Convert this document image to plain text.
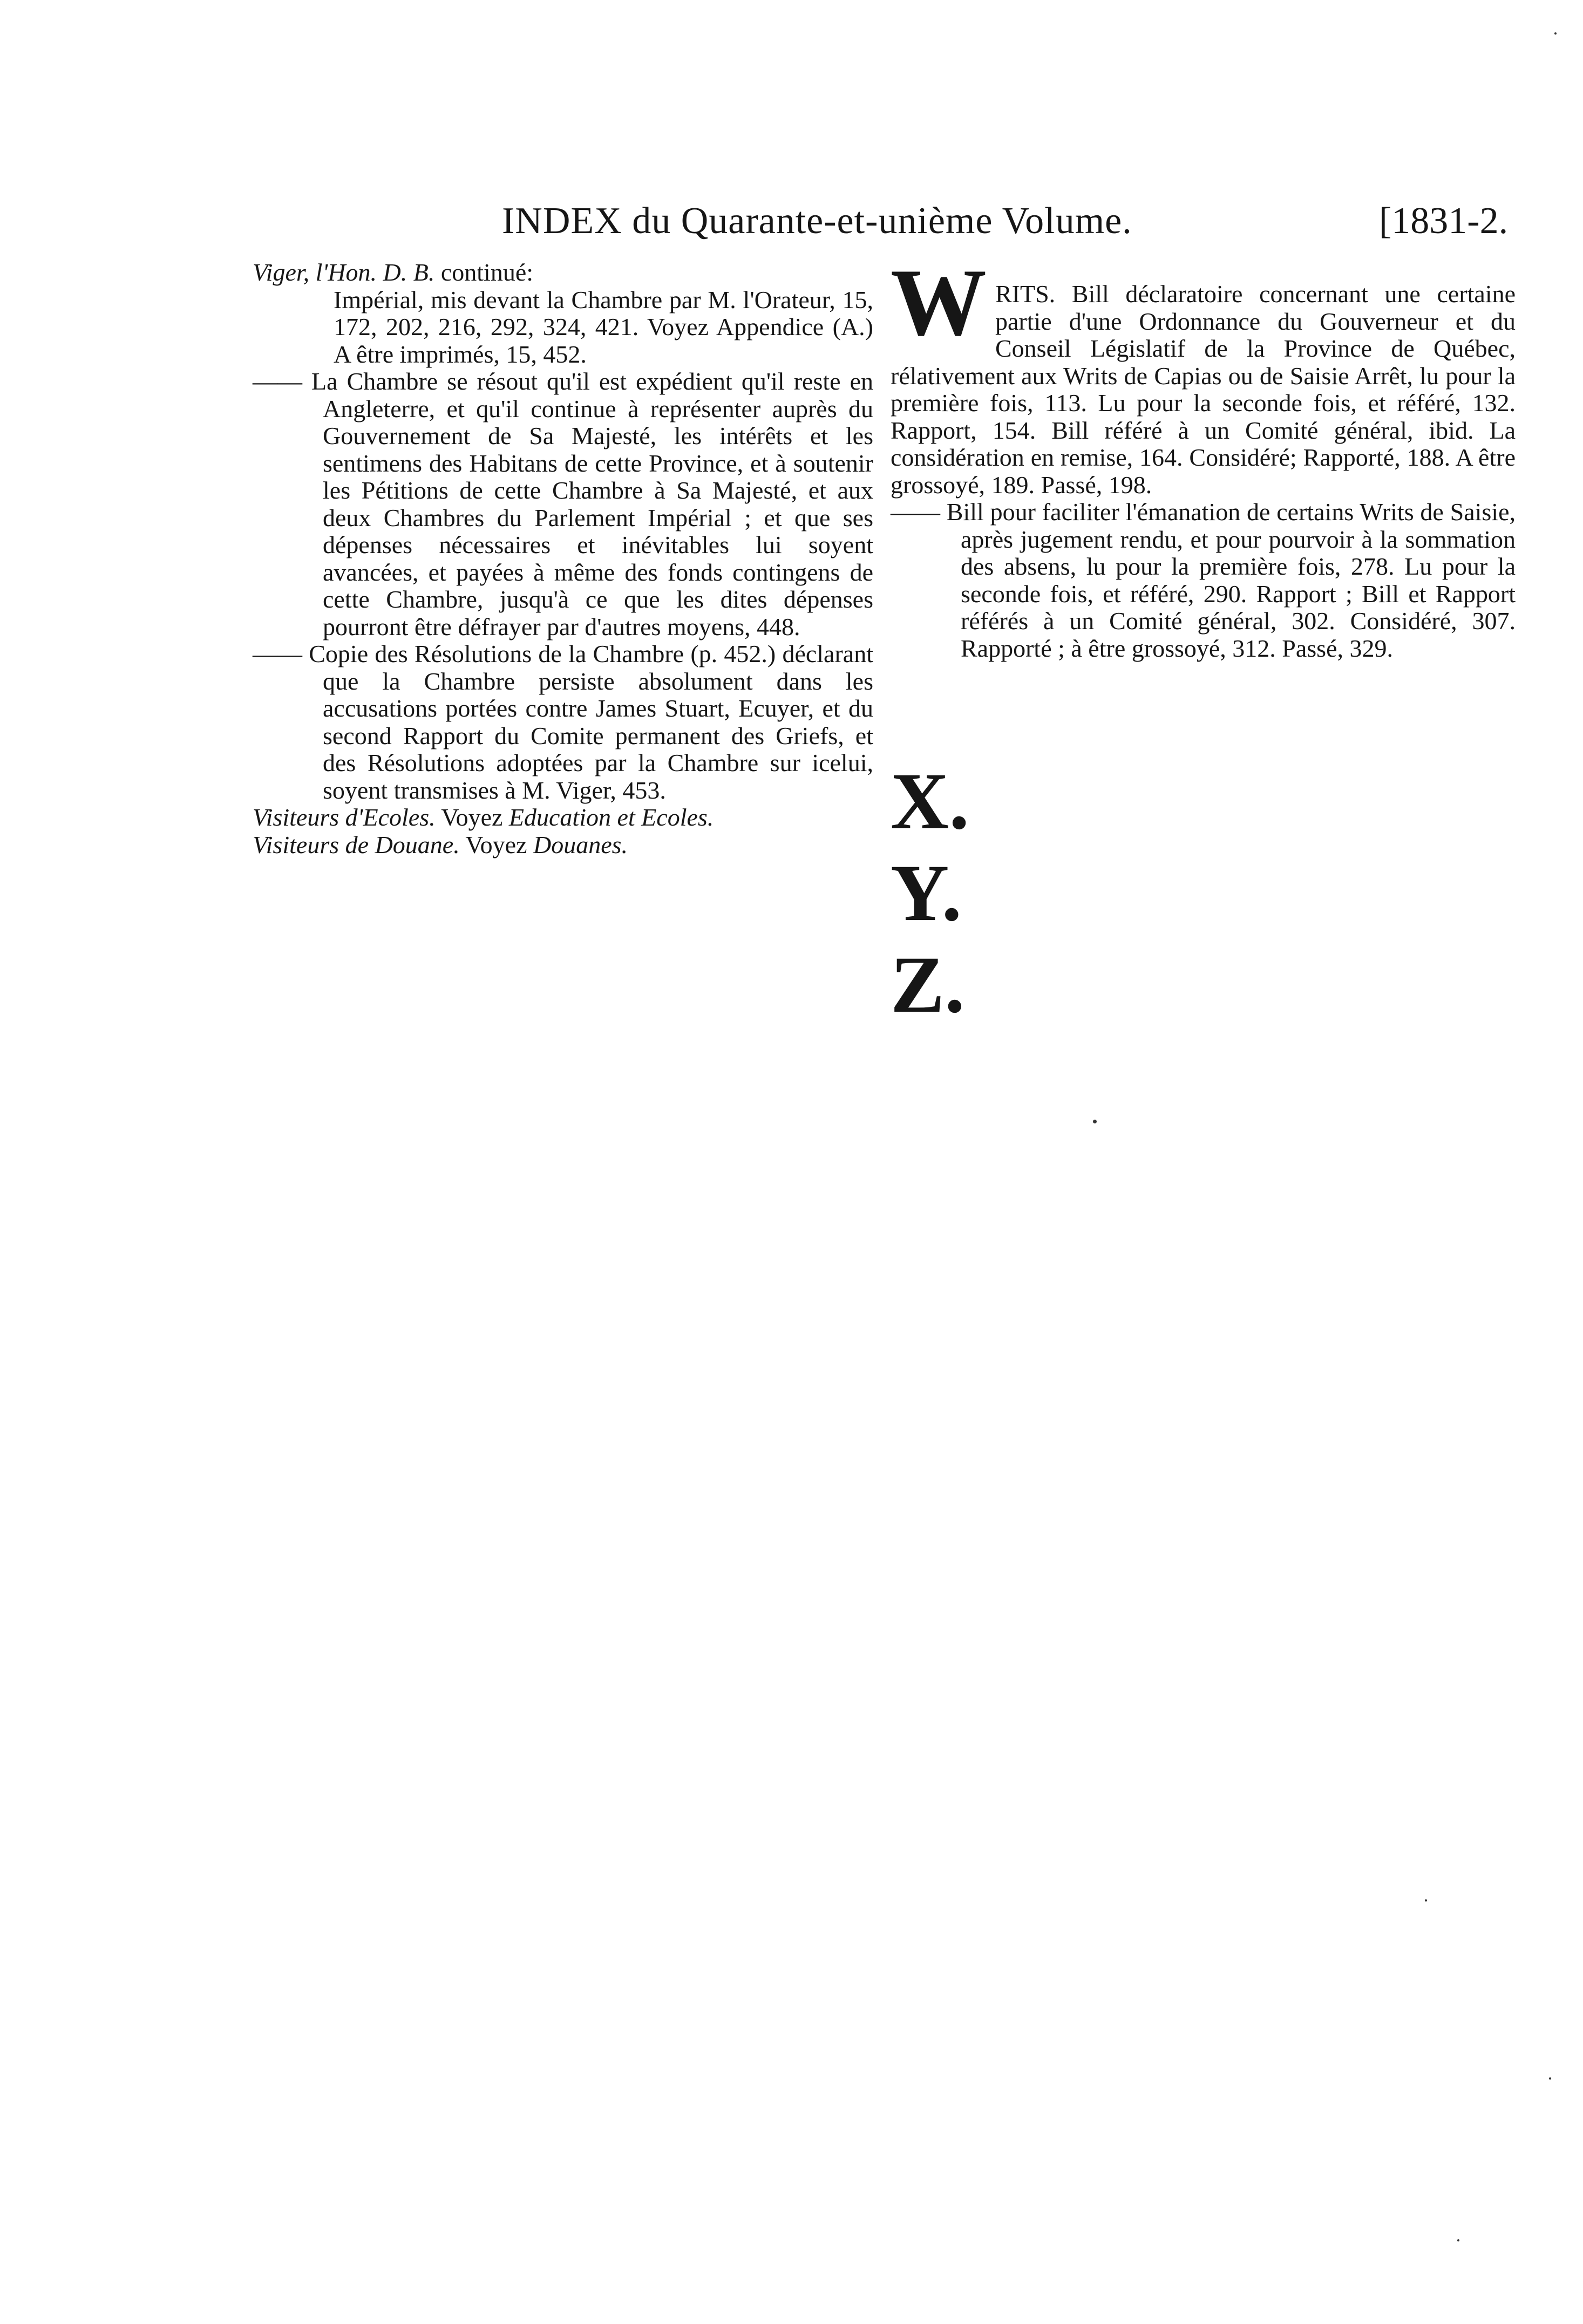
INDEX du Quarante-et-unième Volume.	[1831-2.

Viger, l'Hon. D. B. continué:

Impérial, mis devant la Chambre par M. l'Orateur, 15, 172, 202, 216, 292, 324, 421. Voyez Appendice (A.) A être imprimés, 15, 452.

—— La Chambre se résout qu'il est expédient qu'il reste en Angleterre, et qu'il continue à représenter auprès du Gouvernement de Sa Majesté, les intérêts et les sentimens des Habitans de cette Province, et à soutenir les Pétitions de cette Chambre à Sa Majesté, et aux deux Chambres du Parlement Impérial ; et que ses dépenses nécessaires et inévitables lui soyent avancées, et payées à même des fonds contingens de cette Chambre, jusqu'à ce que les dites dépenses pourront être défrayer par d'autres moyens, 448.

—— Copie des Résolutions de la Chambre (p. 452.) déclarant que la Chambre persiste absolument dans les accusations portées contre James Stuart, Ecuyer, et du second Rapport du Comite permanent des Griefs, et des Résolutions adoptées par la Chambre sur icelui, soyent transmises à M. Viger, 453.

Visiteurs d'Ecoles. Voyez Education et Ecoles.

Visiteurs de Douane. Voyez Douanes.

WRITS. Bill déclaratoire concernant une certaine partie d'une Ordonnance du Gouverneur et du Conseil Législatif de la Province de Québec, rélativement aux Writs de Capias ou de Saisie Arrêt, lu pour la première fois, 113. Lu pour la seconde fois, et référé, 132. Rapport, 154. Bill référé à un Comité général, ibid. La considération en remise, 164. Considéré; Rapporté, 188. A être grossoyé, 189. Passé, 198.

—— Bill pour faciliter l'émanation de certains Writs de Saisie, après jugement rendu, et pour pourvoir à la sommation des absens, lu pour la première fois, 278. Lu pour la seconde fois, et référé, 290. Rapport ; Bill et Rapport référés à un Comité général, 302. Considéré, 307. Rapporté ; à être grossoyé, 312. Passé, 329.

X.
Y.
Z.
